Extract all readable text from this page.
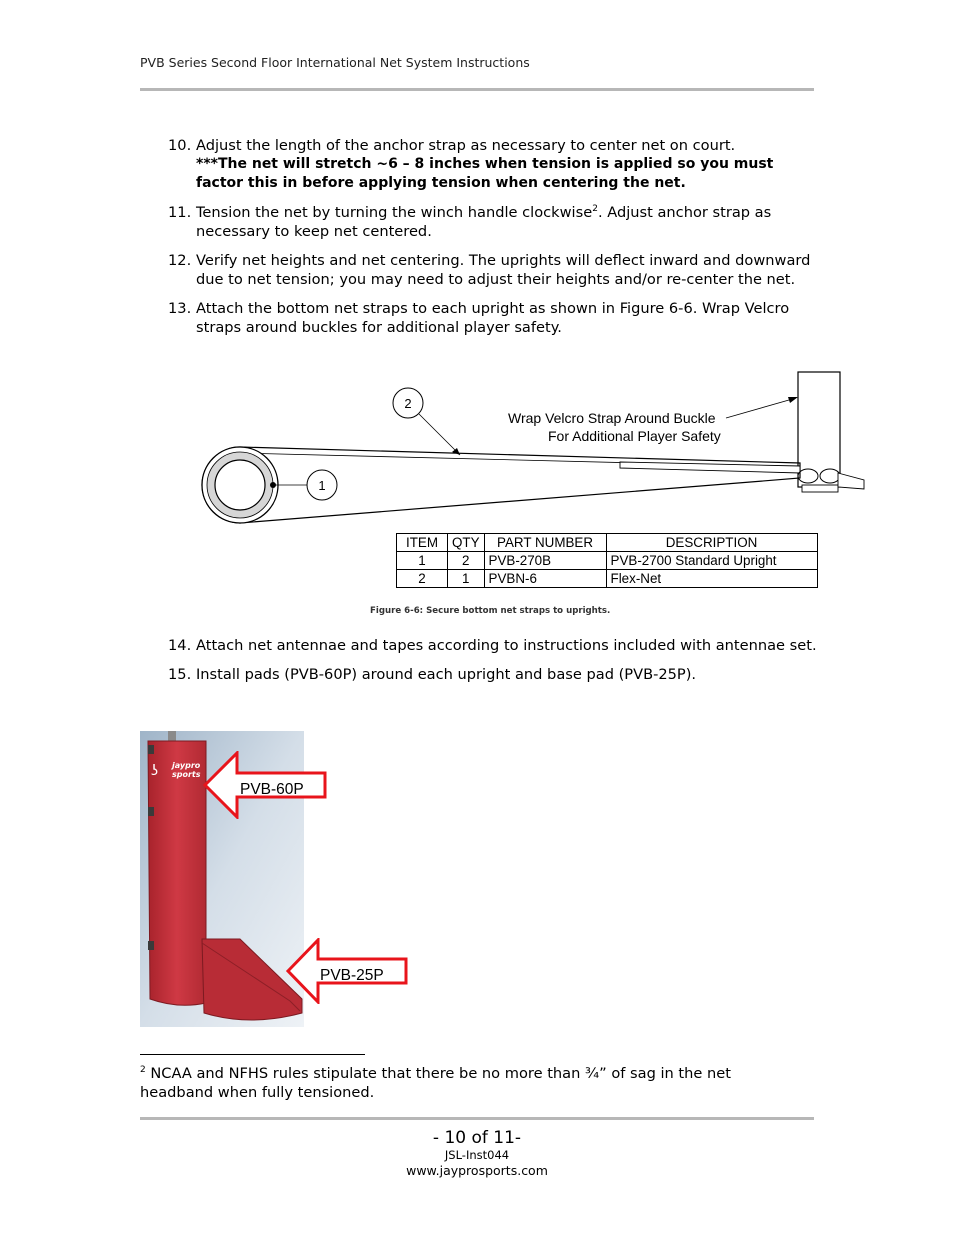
PVB Series Second Floor International Net System Instructions
10. Adjust the length of the anchor strap as necessary to center net on court.
***The net will stretch ~6 – 8 inches when tension is applied so you must factor this in before applying tension when centering the net.
11. Tension the net by turning the winch handle clockwise$^2$. Adjust anchor strap as necessary to keep net centered.
12. Verify net heights and net centering. The uprights will deflect inward and downward due to net tension; you may need to adjust their heights and/or re-center the net.
13. Attach the bottom net straps to each upright as shown in Figure 6-6. Wrap Velcro straps around buckles for additional player safety.
2
1
Wrap Velcro Strap Around Buckle
For Additional Player Safety
ITEM	QTY	PART NUMBER	DESCRIPTION
1	2	PVB-270B	PVB-2700 Standard Upright
2	1	PVBN-6	Flex-Net
Figure 6-6: Secure bottom net straps to uprights.
14. Attach net antennae and tapes according to instructions included with antennae set.
15. Install pads (PVB-60P) around each upright and base pad (PVB-25P).
ʖ jaypro
sports
PVB-60P
PVB-25P
$^2$ NCAA and NFHS rules stipulate that there be no more than ¾” of sag in the net headband when fully tensioned.
- 10 of 11-
JSL-Inst044
www.jayprosports.com
